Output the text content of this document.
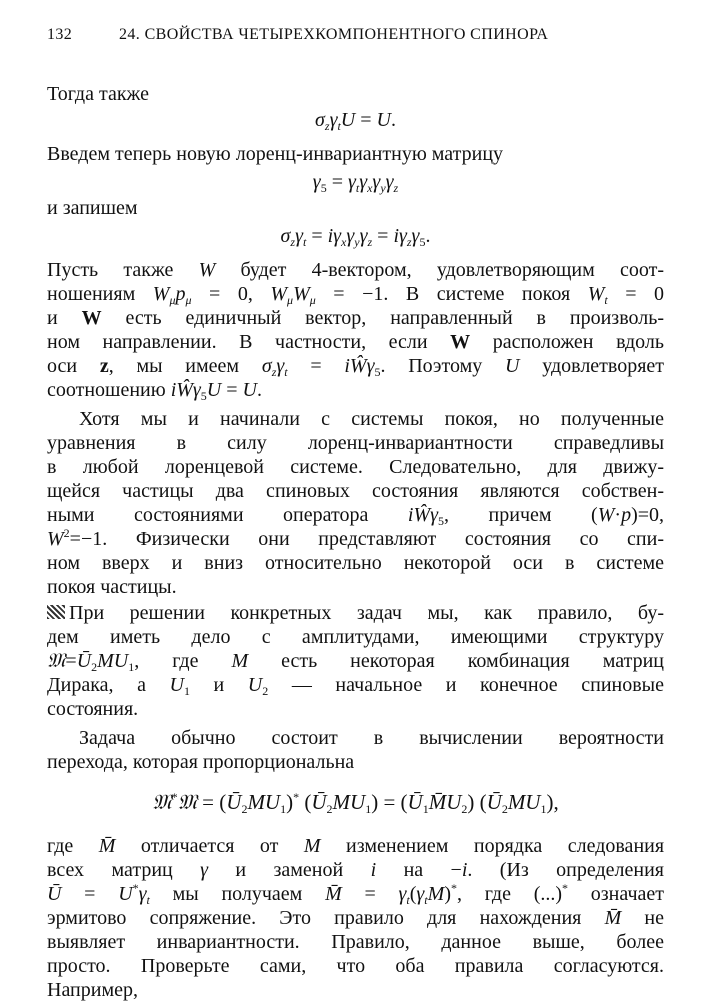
132	24. СВОЙСТВА ЧЕТЫРЕХКОМПОНЕНТНОГО СПИНОРА
Тогда также
$\sigma_z\gamma_tU = U$.
Введем теперь новую лоренц-инвариантную матрицу
$\gamma_5 = \gamma_t\gamma_x\gamma_y\gamma_z$
и запишем
$\sigma_z\gamma_t = i\gamma_x\gamma_y\gamma_z = i\gamma_z\gamma_5$.
Пусть также W будет 4-вектором, удовлетворяющим соот-
ношениям $W_\mu p_\mu = 0$, $W_\mu W_\mu = -1$. В системе покоя $W_t = 0$
и W есть единичный вектор, направленный в произволь-
ном направлении. В частности, если W расположен вдоль
оси z, мы имеем $\sigma_z\gamma_t$ = iŴγ$_5$. Поэтому U удовлетворяет
соотношению iŴγ$_5$U = U.
Хотя мы и начинали с системы покоя, но полученные
уравнения в силу лоренц-инвариантности справедливы
в любой лоренцевой системе. Следовательно, для движу-
щейся частицы два спиновых состояния являются собствен-
ными состояниями оператора iŴγ$_5$, причем (W·p)=0,
$W^2=-1$. Физически они представляют состояния со спи-
ном вверх и вниз относительно некоторой оси в системе
покоя частицы.
При решении конкретных задач мы, как правило, бу-
дем иметь дело с амплитудами, имеющими структуру
$𝔐=Ū_2MU_1$, где M есть некоторая комбинация матриц
Дирака, а $U_1$ и $U_2$ — начальное и конечное спиновые
состояния.
Задача обычно состоит в вычислении вероятности
перехода, которая пропорциональна
𝔐*𝔐 = $(Ū_2MU_1)^*$ $(Ū_2MU_1)$ = $(Ū_1M̄U_2)$ $(Ū_2MU_1)$,
где M̄ отличается от M изменением порядка следования
всех матриц γ и заменой i на −i. (Из определения
Ū = $U^*\gamma_t$ мы получаем M̄ = $\gamma_t(\gamma_tM)^*$, где (...)* означает
эрмитово сопряжение. Это правило для нахождения M̄ не
выявляет инвариантности. Правило, данное выше, более
просто. Проверьте сами, что оба правила согласуются.
Например,
